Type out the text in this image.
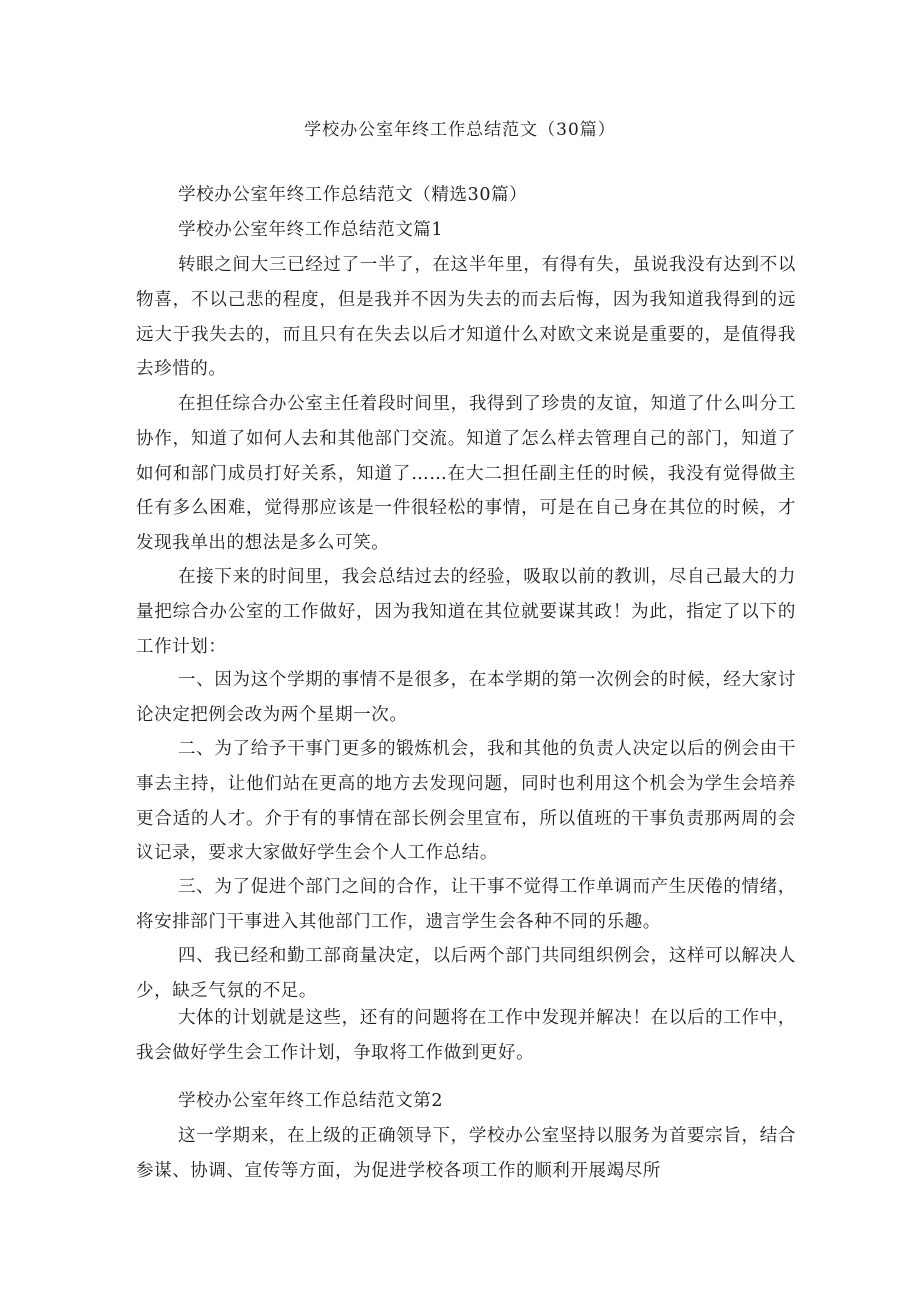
学校办公室年终工作总结范文（30篇）

学校办公室年终工作总结范文（精选30篇）

学校办公室年终工作总结范文篇1

转眼之间大三已经过了一半了，在这半年里，有得有失，虽说我没有达到不以物喜，不以己悲的程度，但是我并不因为失去的而去后悔，因为我知道我得到的远远大于我失去的，而且只有在失去以后才知道什么对欧文来说是重要的，是值得我去珍惜的。

在担任综合办公室主任着段时间里，我得到了珍贵的友谊，知道了什么叫分工协作，知道了如何人去和其他部门交流。知道了怎么样去管理自己的部门，知道了如何和部门成员打好关系，知道了……在大二担任副主任的时候，我没有觉得做主任有多么困难，觉得那应该是一件很轻松的事情，可是在自己身在其位的时候，才发现我单出的想法是多么可笑。

在接下来的时间里，我会总结过去的经验，吸取以前的教训，尽自己最大的力量把综合办公室的工作做好，因为我知道在其位就要谋其政！为此，指定了以下的工作计划：

一、因为这个学期的事情不是很多，在本学期的第一次例会的时候，经大家讨论决定把例会改为两个星期一次。

二、为了给予干事门更多的锻炼机会，我和其他的负责人决定以后的例会由干事去主持，让他们站在更高的地方去发现问题，同时也利用这个机会为学生会培养更合适的人才。介于有的事情在部长例会里宣布，所以值班的干事负责那两周的会议记录，要求大家做好学生会个人工作总结。

三、为了促进个部门之间的合作，让干事不觉得工作单调而产生厌倦的情绪，将安排部门干事进入其他部门工作，遗言学生会各种不同的乐趣。

四、我已经和勤工部商量决定，以后两个部门共同组织例会，这样可以解决人少，缺乏气氛的不足。

大体的计划就是这些，还有的问题将在工作中发现并解决！在以后的工作中，我会做好学生会工作计划，争取将工作做到更好。

学校办公室年终工作总结范文第2

这一学期来，在上级的正确领导下，学校办公室坚持以服务为首要宗旨，结合参谋、协调、宣传等方面，为促进学校各项工作的顺利开展竭尽所
